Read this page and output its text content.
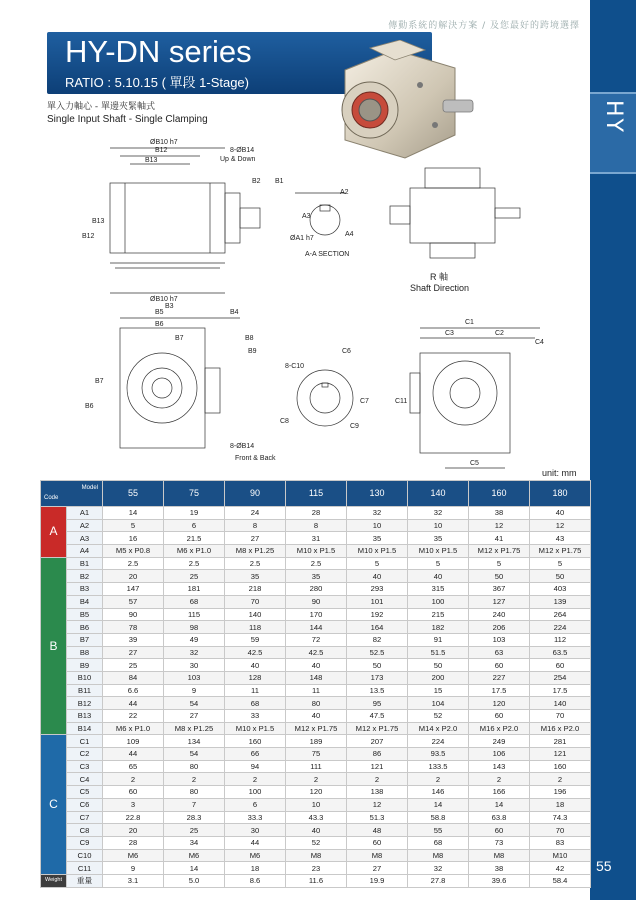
傳動系統的解決方案 / 及您最好的跨境選擇
HY
HY-DN series
RATIO : 5.10.15 ( 單段 1-Stage)
單入力軸心 - 單邊夾緊軸式
Single Input Shaft - Single Clamping
ØB10 h7
B12
B13
8-ØB14
Up & Down
B2 B1
B13
B12
ØB10 h7
B3
A2
A3
ØA1 h7
A4
A-A SECTION
R 軸
Shaft Direction
B5	B4
B6
B7	B8
B9
B6
B7
8-ØB14
Front & Back
8-C10
C6
C7
C8
C9
C1
C3	C2
C4
C11
C5
unit: mm
Model
Code		55	75	90	115	130	140	160	180
A	A1	14	19	24	28	32	32	38	40
	A2	5	6	8	8	10	10	12	12
	A3	16	21.5	27	31	35	35	41	43
	A4	M5 x P0.8	M6 x P1.0	M8 x P1.25	M10 x P1.5	M10 x P1.5	M10 x P1.5	M12 x P1.75	M12 x P1.75
B	B1	2.5	2.5	2.5	2.5	5	5	5	5
	B2	20	25	35	35	40	40	50	50
	B3	147	181	218	280	293	315	367	403
	B4	57	68	70	90	101	100	127	139
	B5	90	115	140	170	192	215	240	264
	B6	78	98	118	144	164	182	206	224
	B7	39	49	59	72	82	91	103	112
	B8	27	32	42.5	42.5	52.5	51.5	63	63.5
	B9	25	30	40	40	50	50	60	60
	B10	84	103	128	148	173	200	227	254
	B11	6.6	9	11	11	13.5	15	17.5	17.5
	B12	44	54	68	80	95	104	120	140
	B13	22	27	33	40	47.5	52	60	70
	B14	M6 x P1.0	M8 x P1.25	M10 x P1.5	M12 x P1.75	M12 x P1.75	M14 x P2.0	M16 x P2.0	M16 x P2.0
C	C1	109	134	160	189	207	224	249	281
	C2	44	54	66	75	86	93.5	106	121
	C3	65	80	94	111	121	133.5	143	160
	C4	2	2	2	2	2	2	2	2
	C5	60	80	100	120	138	146	166	196
	C6	3	7	6	10	12	14	14	18
	C7	22.8	28.3	33.3	43.3	51.3	58.8	63.8	74.3
	C8	20	25	30	40	48	55	60	70
	C9	28	34	44	52	60	68	73	83
	C10	M6	M6	M6	M8	M8	M8	M8	M10
	C11	9	14	18	23	27	32	38	42
Weight	重量	3.1	5.0	8.6	11.6	19.9	27.8	39.6	58.4
55
